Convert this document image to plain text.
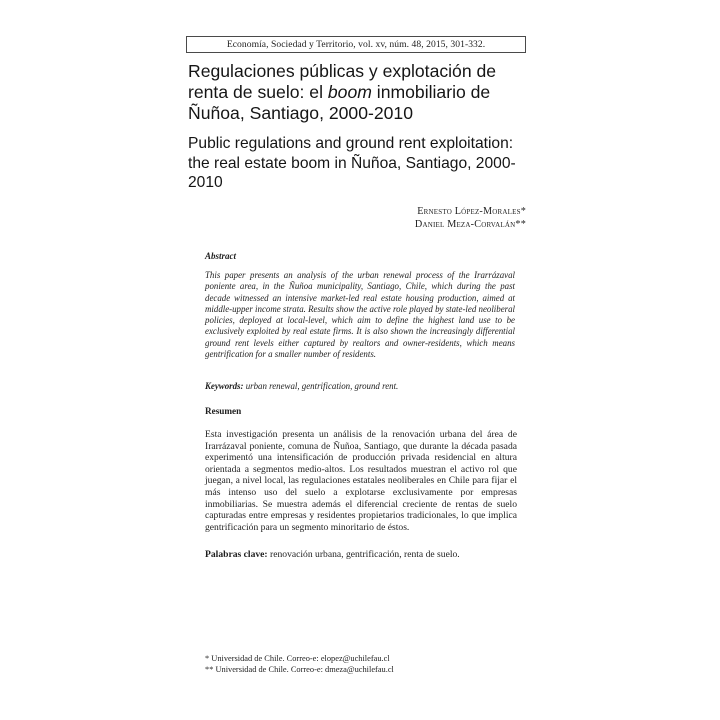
Economía, Sociedad y Territorio, vol. xv, núm. 48, 2015, 301-332.
Regulaciones públicas y explotación de renta de suelo: el boom inmobiliario de Ñuñoa, Santiago, 2000-2010
Public regulations and ground rent exploitation: the real estate boom in Ñuñoa, Santiago, 2000-2010
Ernesto López-Morales*
Daniel Meza-Corvalán**
Abstract

This paper presents an analysis of the urban renewal process of the Irarrázaval poniente area, in the Ñuñoa municipality, Santiago, Chile, which during the past decade witnessed an intensive market-led real estate housing production, aimed at middle-upper income strata. Results show the active role played by state-led neoliberal policies, deployed at local-level, which aim to define the highest land use to be exclusively exploited by real estate firms. It is also shown the increasingly differential ground rent levels either captured by realtors and owner-residents, which means gentrification for a smaller number of residents.

Keywords: urban renewal, gentrification, ground rent.
Resumen

Esta investigación presenta un análisis de la renovación urbana del área de Irarrázaval poniente, comuna de Ñuñoa, Santiago, que durante la década pasada experimentó una intensificación de producción privada residencial en altura orientada a segmentos medio-altos. Los resultados muestran el activo rol que juegan, a nivel local, las regulaciones estatales neoliberales en Chile para fijar el más intenso uso del suelo a explotarse exclusivamente por empresas inmobiliarias. Se muestra además el diferencial creciente de rentas de suelo capturadas entre empresas y residentes propietarios tradicionales, lo que implica gentrificación para un segmento minoritario de éstos.

Palabras clave: renovación urbana, gentrificación, renta de suelo.
* Universidad de Chile. Correo-e: elopez@uchilefau.cl
** Universidad de Chile. Correo-e: dmeza@uchilefau.cl
